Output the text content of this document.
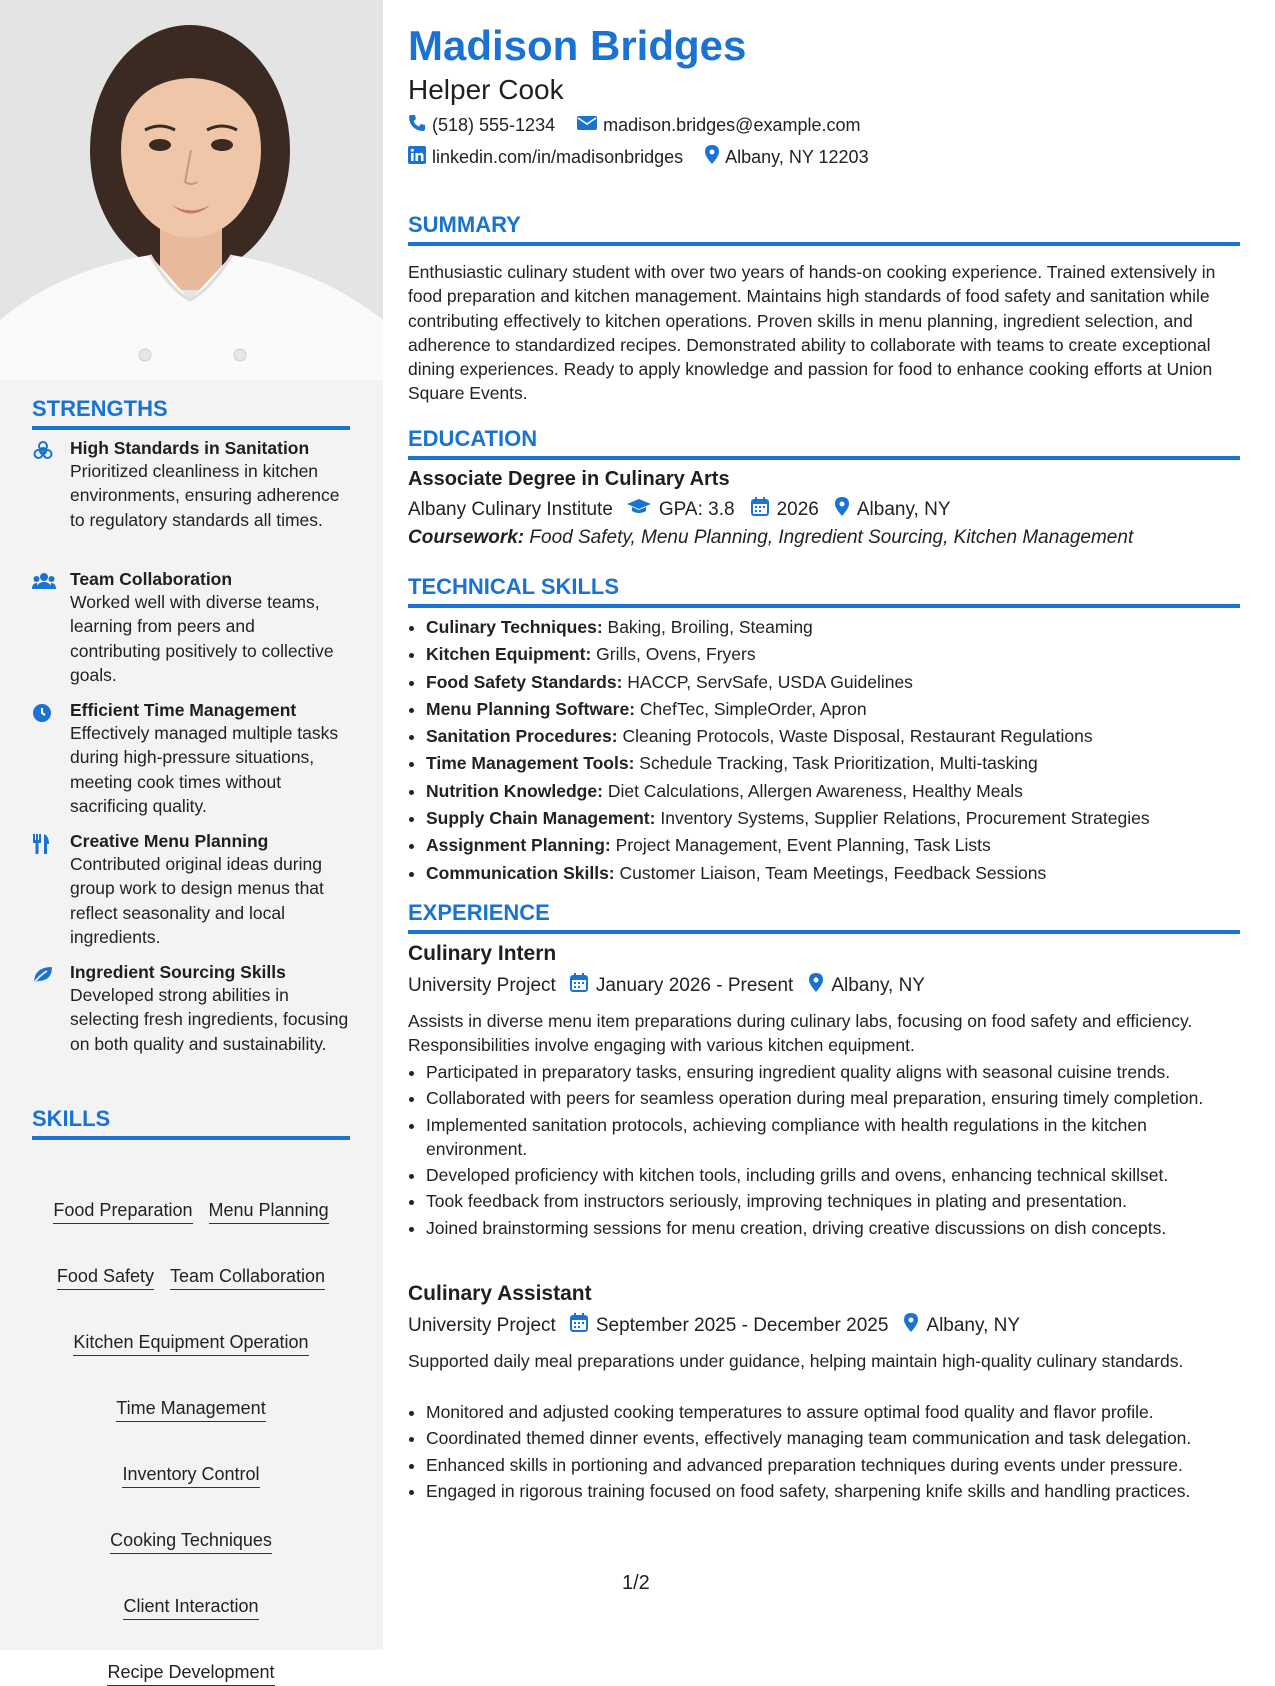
STRENGTHS
High Standards in Sanitation
Prioritized cleanliness in kitchen environments, ensuring adherence to regulatory standards all times.
Team Collaboration
Worked well with diverse teams, learning from peers and contributing positively to collective goals.
Efficient Time Management
Effectively managed multiple tasks during high-pressure situations, meeting cook times without sacrificing quality.
Creative Menu Planning
Contributed original ideas during group work to design menus that reflect seasonality and local ingredients.
Ingredient Sourcing Skills
Developed strong abilities in selecting fresh ingredients, focusing on both quality and sustainability.
SKILLS
Food Preparation Menu Planning
Food Safety Team Collaboration
Kitchen Equipment Operation
Time Management
Inventory Control
Cooking Techniques
Client Interaction
Recipe Development
Madison Bridges
Helper Cook
(518) 555-1234	madison.bridges@example.com
linkedin.com/in/madisonbridges Albany, NY 12203
SUMMARY

Enthusiastic culinary student with over two years of hands-on cooking experience. Trained extensively in food preparation and kitchen management. Maintains high standards of food safety and sanitation while contributing effectively to kitchen operations. Proven skills in menu planning, ingredient selection, and adherence to standardized recipes. Demonstrated ability to collaborate with teams to create exceptional dining experiences. Ready to apply knowledge and passion for food to enhance cooking efforts at Union Square Events.

EDUCATION
Associate Degree in Culinary Arts
Albany Culinary Institute GPA: 3.8 2026 Albany, NY
Coursework: Food Safety, Menu Planning, Ingredient Sourcing, Kitchen Management
TECHNICAL SKILLS
• Culinary Techniques: Baking, Broiling, Steaming
• Kitchen Equipment: Grills, Ovens, Fryers
• Food Safety Standards: HACCP, ServSafe, USDA Guidelines
• Menu Planning Software: ChefTec, SimpleOrder, Apron
• Sanitation Procedures: Cleaning Protocols, Waste Disposal, Restaurant Regulations
• Time Management Tools: Schedule Tracking, Task Prioritization, Multi-tasking
• Nutrition Knowledge: Diet Calculations, Allergen Awareness, Healthy Meals
• Supply Chain Management: Inventory Systems, Supplier Relations, Procurement Strategies
• Assignment Planning: Project Management, Event Planning, Task Lists
• Communication Skills: Customer Liaison, Team Meetings, Feedback Sessions
EXPERIENCE
Culinary Intern
University Project January 2026 - Present Albany, NY

Assists in diverse menu item preparations during culinary labs, focusing on food safety and efficiency. Responsibilities involve engaging with various kitchen equipment.

• Participated in preparatory tasks, ensuring ingredient quality aligns with seasonal cuisine trends.
• Collaborated with peers for seamless operation during meal preparation, ensuring timely completion.
• Implemented sanitation protocols, achieving compliance with health regulations in the kitchen environment.
• Developed proficiency with kitchen tools, including grills and ovens, enhancing technical skillset.
• Took feedback from instructors seriously, improving techniques in plating and presentation.
• Joined brainstorming sessions for menu creation, driving creative discussions on dish concepts.
Culinary Assistant
University Project September 2025 - December 2025 Albany, NY

Supported daily meal preparations under guidance, helping maintain high-quality culinary standards.

• Monitored and adjusted cooking temperatures to assure optimal food quality and flavor profile.
• Coordinated themed dinner events, effectively managing team communication and task delegation.
• Enhanced skills in portioning and advanced preparation techniques during events under pressure.
• Engaged in rigorous training focused on food safety, sharpening knife skills and handling practices.
1/2
